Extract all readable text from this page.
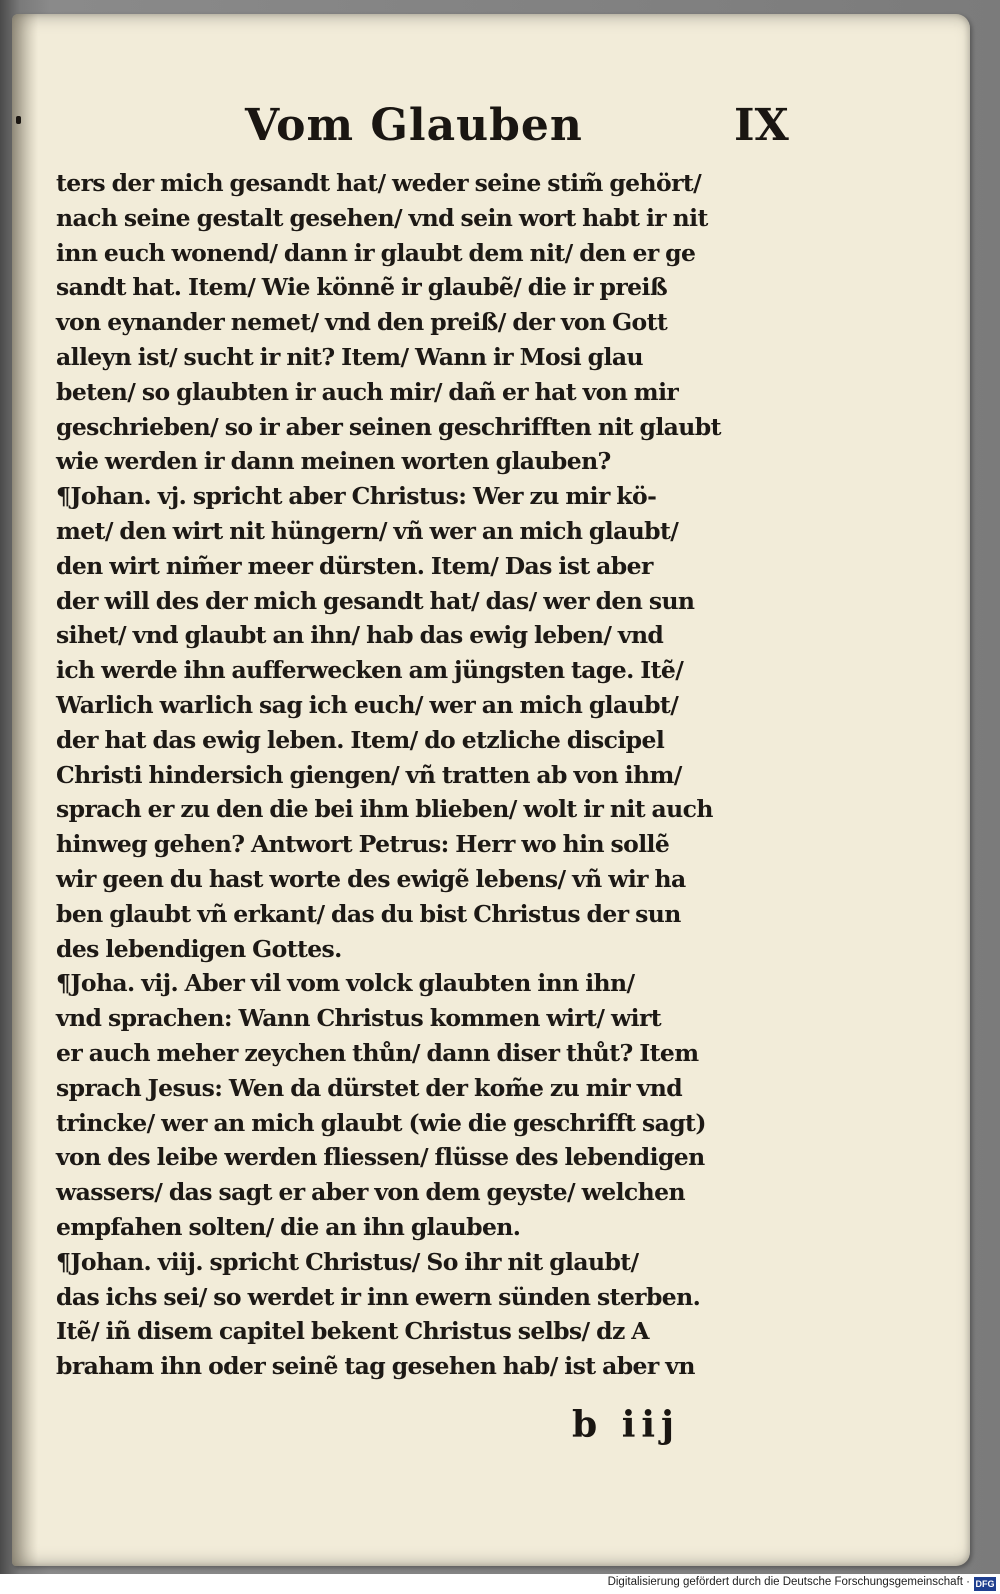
Vom Glauben	IX
ters der mich gesandt hat/ weder seine stim̃ gehört/
nach seine gestalt gesehen/ vnd sein wort habt ir nit
inn euch wonend/ dann ir glaubt dem nit/ den er ge
sandt hat. Item/ Wie könnẽ ir glaubẽ/ die ir preiß
von eynander nemet/ vnd den preiß/ der von Gott
alleyn ist/ sucht ir nit? Item/ Wann ir Mosi glau
beten/ so glaubten ir auch mir/ dañ er hat von mir
geschrieben/ so ir aber seinen geschrifften nit glaubt
wie werden ir dann meinen worten glauben?
¶Johan. vj. spricht aber Christus: Wer zu mir kö-
met/ den wirt nit hüngern/ vñ wer an mich glaubt/
den wirt nim̃er meer dürsten. Item/ Das ist aber
der will des der mich gesandt hat/ das/ wer den sun
sihet/ vnd glaubt an ihn/ hab das ewig leben/ vnd
ich werde ihn aufferwecken am jüngsten tage. Itẽ/
Warlich warlich sag ich euch/ wer an mich glaubt/
der hat das ewig leben. Item/ do etzliche discipel
Christi hindersich giengen/ vñ tratten ab von ihm/
sprach er zu den die bei ihm blieben/ wolt ir nit auch
hinweg gehen? Antwort Petrus: Herr wo hin sollẽ
wir geen du hast worte des ewigẽ lebens/ vñ wir ha
ben glaubt vñ erkant/ das du bist Christus der sun
des lebendigen Gottes.
¶Joha. vij. Aber vil vom volck glaubten inn ihn/
vnd sprachen: Wann Christus kommen wirt/ wirt
er auch meher zeychen thůn/ dann diser thůt? Item
sprach Jesus: Wen da dürstet der kom̃e zu mir vnd
trincke/ wer an mich glaubt (wie die geschrifft sagt)
von des leibe werden fliessen/ flüsse des lebendigen
wassers/ das sagt er aber von dem geyste/ welchen
empfahen solten/ die an ihn glauben.
¶Johan. viij. spricht Christus/ So ihr nit glaubt/
das ichs sei/ so werdet ir inn ewern sünden sterben.
Itẽ/ iñ disem capitel bekent Christus selbs/ dz A
braham ihn oder seinẽ tag gesehen hab/ ist aber vn
b iij
Digitalisierung gefördert durch die Deutsche Forschungsgemeinschaft · DFG
